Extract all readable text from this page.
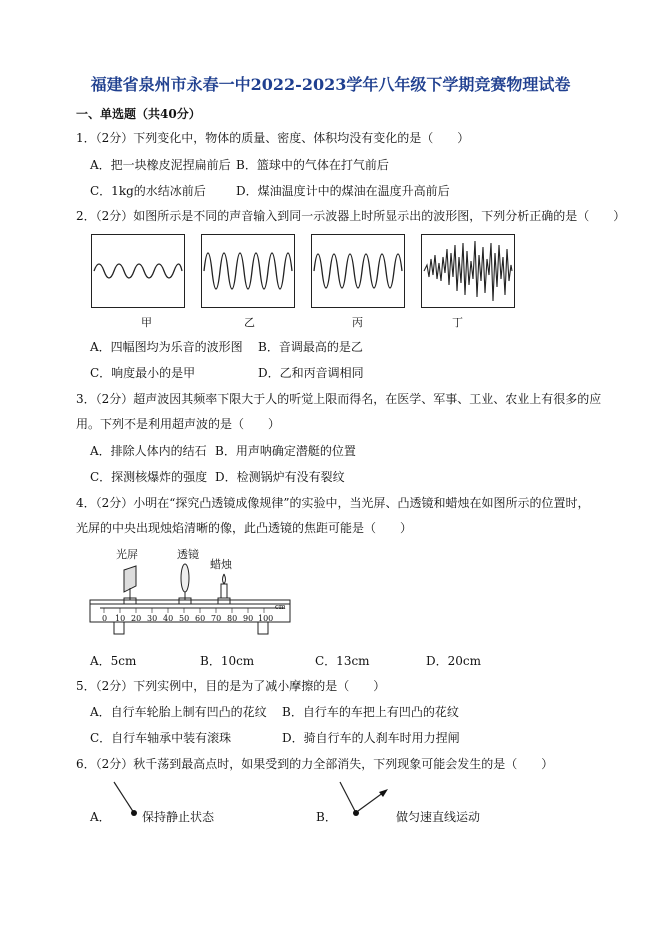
福建省泉州市永春一中2022-2023学年八年级下学期竞赛物理试卷
一、单选题（共40分）
1．（2分）下列变化中，物体的质量、密度、体积均没有变化的是（　　）
A．把一块橡皮泥捏扁前后 B．篮球中的气体在打气前后
C．1kg的水结冰前后	D．煤油温度计中的煤油在温度升高前后
2．（2分）如图所示是不同的声音输入到同一示波器上时所显示出的波形图，下列分析正确的是（　　）
甲	乙	丙	丁
A．四幅图均为乐音的波形图 B．音调最高的是乙
C．响度最小的是甲	D．乙和丙音调相同
3．（2分）超声波因其频率下限大于人的听觉上限而得名，在医学、军事、工业、农业上有很多的应
用。下列不是利用超声波的是（　　）
A．排除人体内的结石 B．用声呐确定潜艇的位置
C．探测核爆炸的强度 D．检测锅炉有没有裂纹
4．（2分）小明在“探究凸透镜成像规律”的实验中，当光屏、凸透镜和蜡烛在如图所示的位置时，
光屏的中央出现烛焰清晰的像，此凸透镜的焦距可能是（　　）
光屏	透镜
蜡烛
cm
0 10 20 30 40 50 60 70 80 90 100
A．5cm	B．10cm	C．13cm	D．20cm
5．（2分）下列实例中，目的是为了减小摩擦的是（　　）
A．自行车轮胎上制有凹凸的花纹 B．自行车的车把上有凹凸的花纹
C．自行车轴承中装有滚珠	D．骑自行车的人刹车时用力捏闸
6．（2分）秋千荡到最高点时，如果受到的力全部消失，下列现象可能会发生的是（　　）
A．	保持静止状态	B．	做匀速直线运动
